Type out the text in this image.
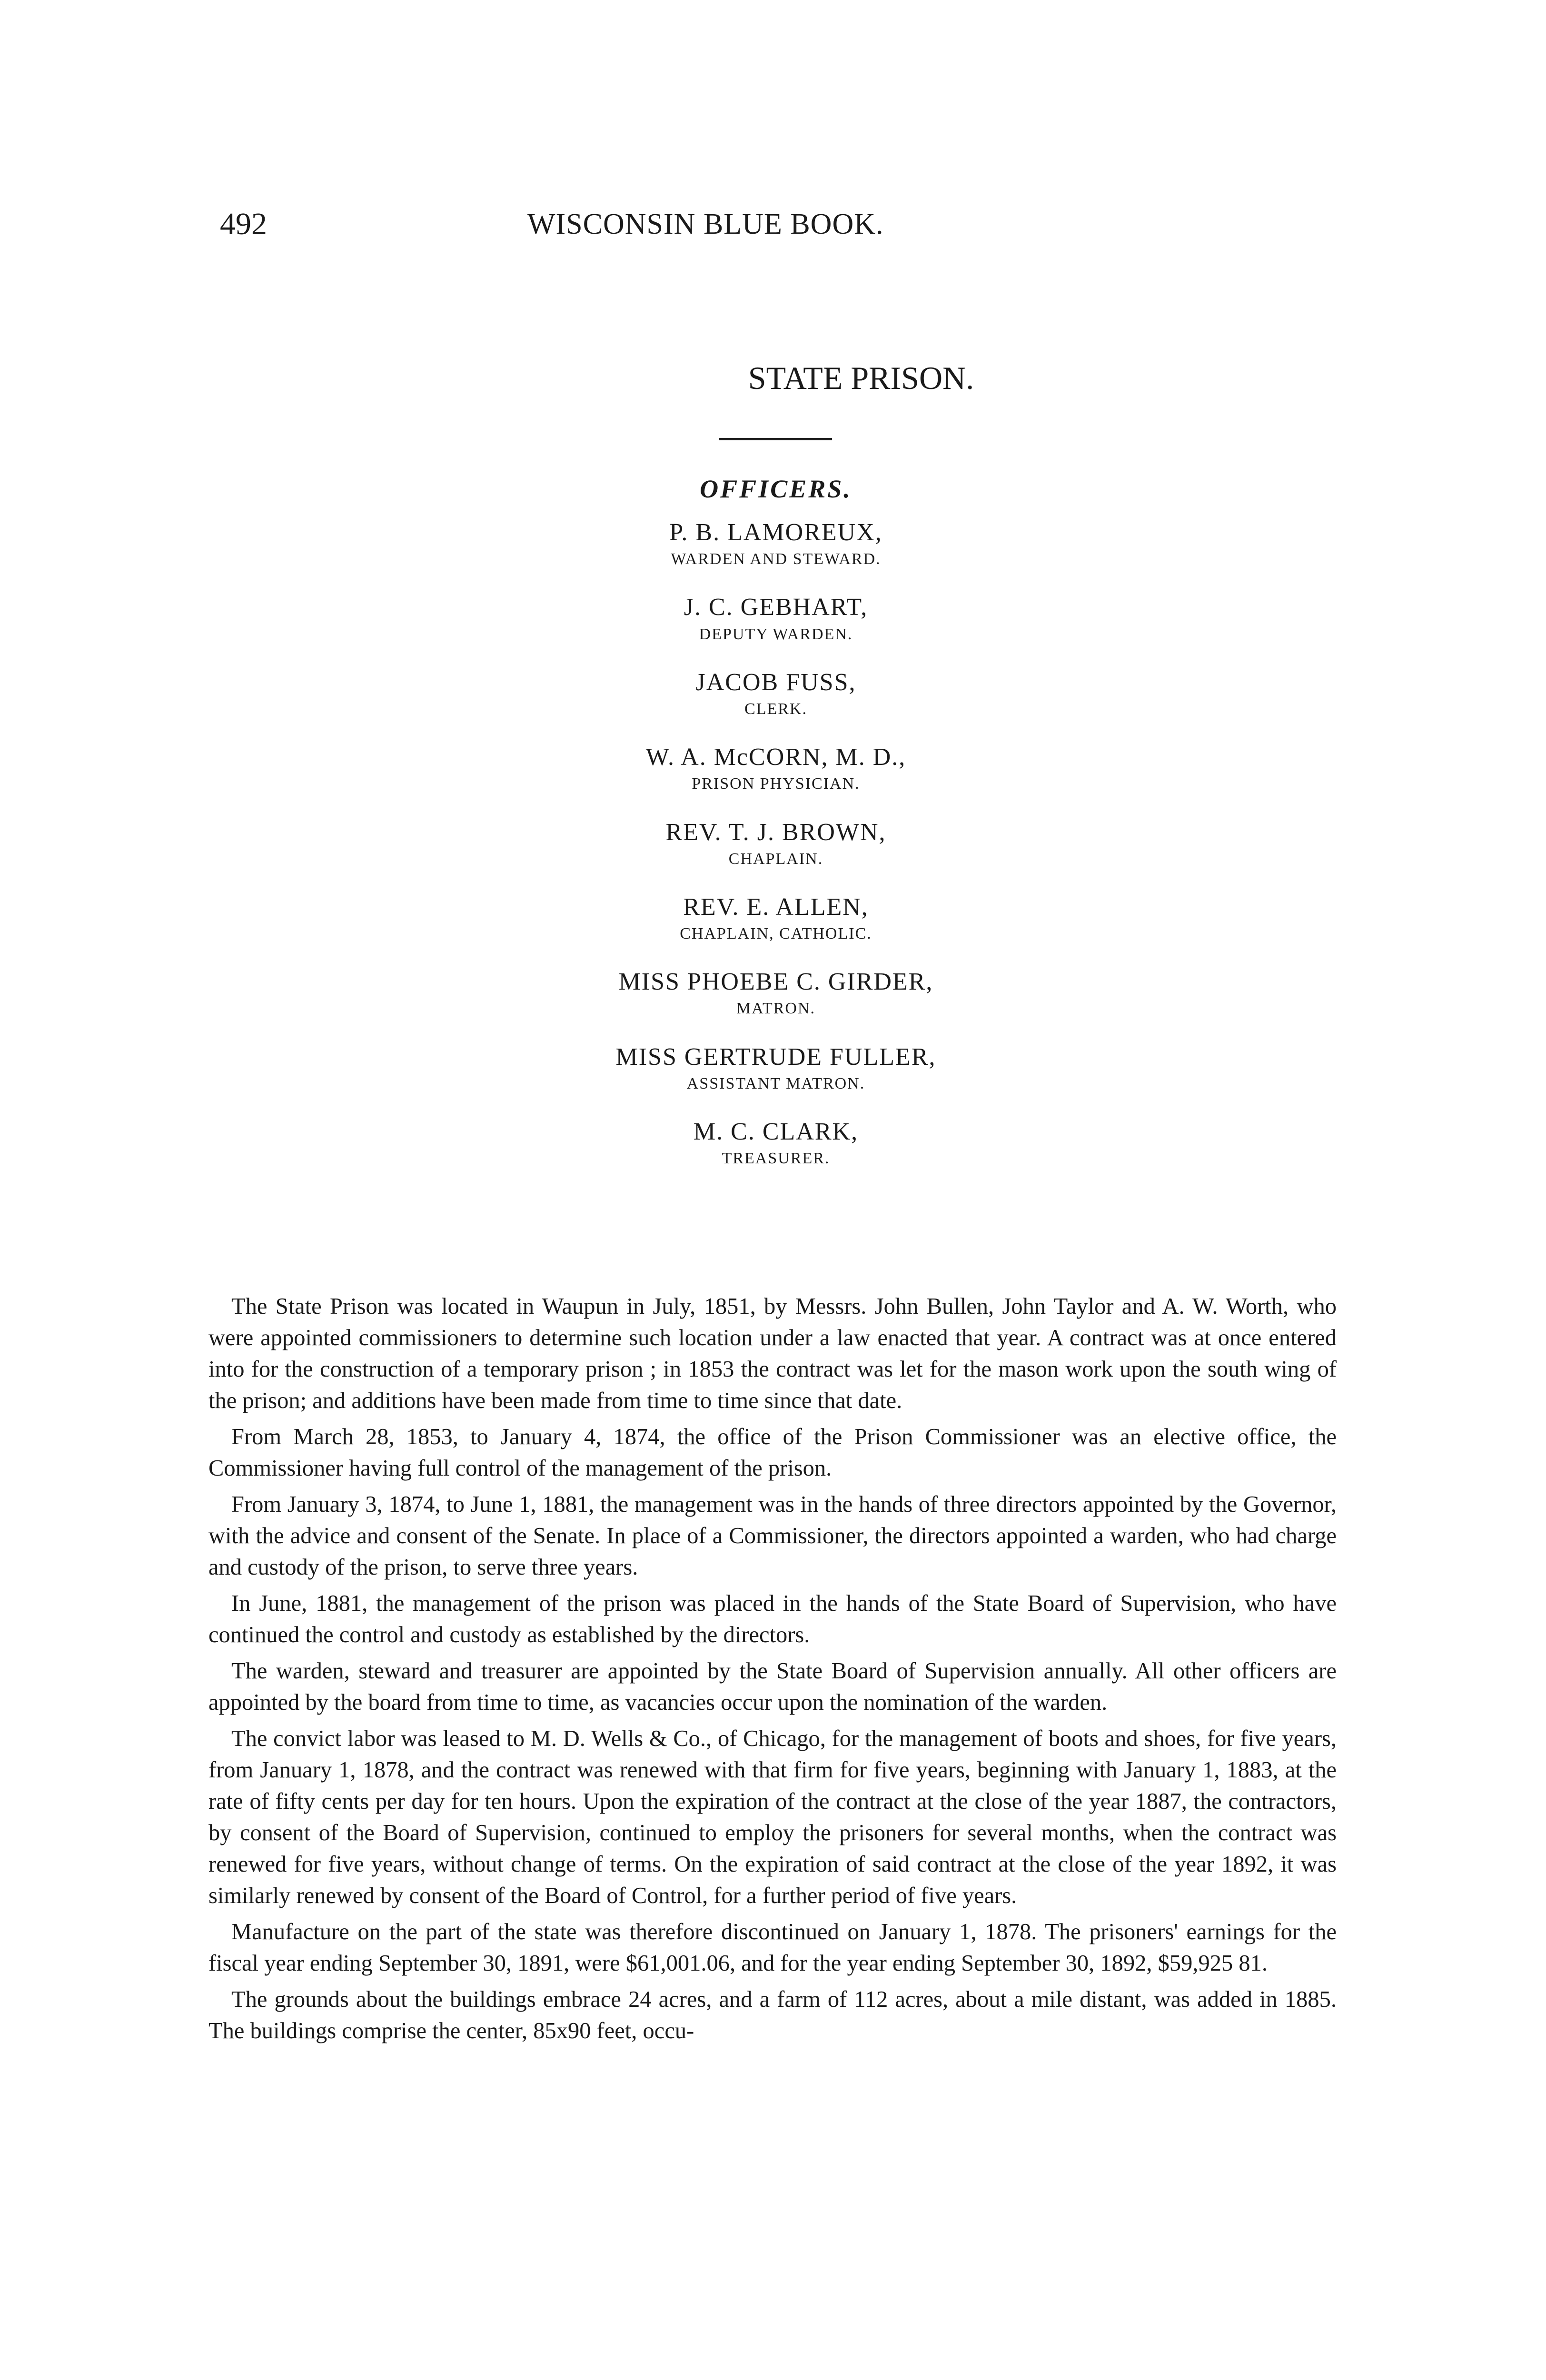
492	WISCONSIN BLUE BOOK.
STATE PRISON.
OFFICERS.
P. B. LAMOREUX,
WARDEN AND STEWARD.
J. C. GEBHART,
DEPUTY WARDEN.
JACOB FUSS,
CLERK.
W. A. McCORN, M. D.,
PRISON PHYSICIAN.
REV. T. J. BROWN,
CHAPLAIN.
REV. E. ALLEN,
CHAPLAIN, CATHOLIC.
MISS PHOEBE C. GIRDER,
MATRON.
MISS GERTRUDE FULLER,
ASSISTANT MATRON.
M. C. CLARK,
TREASURER.

The State Prison was located in Waupun in July, 1851, by Messrs. John Bullen, John Taylor and A. W. Worth, who were appointed commissioners to determine such location under a law enacted that year. A contract was at once entered into for the construction of a temporary prison ; in 1853 the contract was let for the mason work upon the south wing of the prison; and additions have been made from time to time since that date.

From March 28, 1853, to January 4, 1874, the office of the Prison Commissioner was an elective office, the Commissioner having full control of the management of the prison.

From January 3, 1874, to June 1, 1881, the management was in the hands of three directors appointed by the Governor, with the advice and consent of the Senate. In place of a Commissioner, the directors appointed a warden, who had charge and custody of the prison, to serve three years.

In June, 1881, the management of the prison was placed in the hands of the State Board of Supervision, who have continued the control and custody as established by the directors.

The warden, steward and treasurer are appointed by the State Board of Supervision annually. All other officers are appointed by the board from time to time, as vacancies occur upon the nomination of the warden.

The convict labor was leased to M. D. Wells & Co., of Chicago, for the management of boots and shoes, for five years, from January 1, 1878, and the contract was renewed with that firm for five years, beginning with January 1, 1883, at the rate of fifty cents per day for ten hours. Upon the expiration of the contract at the close of the year 1887, the contractors, by consent of the Board of Supervision, continued to employ the prisoners for several months, when the contract was renewed for five years, without change of terms. On the expiration of said contract at the close of the year 1892, it was similarly renewed by consent of the Board of Control, for a further period of five years.

Manufacture on the part of the state was therefore discontinued on January 1, 1878. The prisoners' earnings for the fiscal year ending September 30, 1891, were $61,001.06, and for the year ending September 30, 1892, $59,925 81.

The grounds about the buildings embrace 24 acres, and a farm of 112 acres, about a mile distant, was added in 1885. The buildings comprise the center, 85x90 feet, occu-
